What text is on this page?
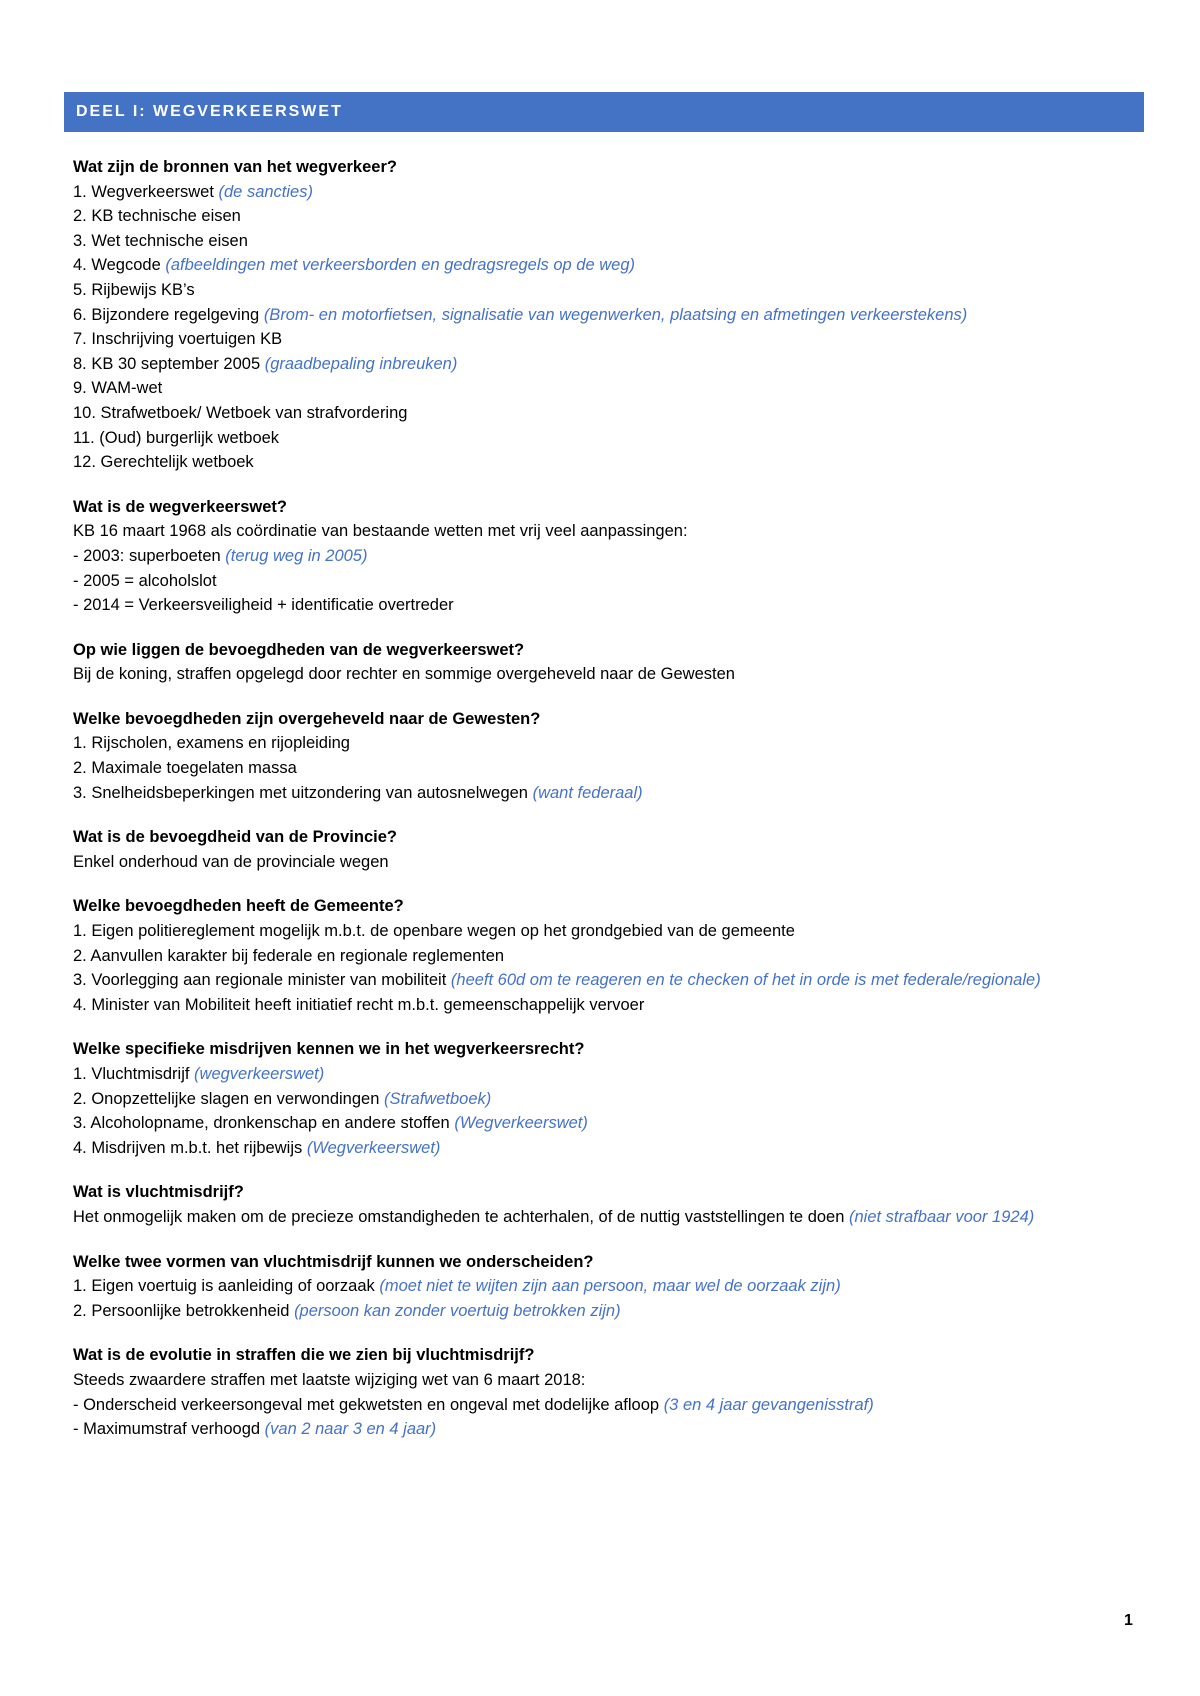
DEEL I: WEGVERKEERSWET
Wat zijn de bronnen van het wegverkeer?
1. Wegverkeerswet (de sancties)
2. KB technische eisen
3. Wet technische eisen
4. Wegcode (afbeeldingen met verkeersborden en gedragsregels op de weg)
5. Rijbewijs KB’s
6. Bijzondere regelgeving (Brom- en motorfietsen, signalisatie van wegenwerken, plaatsing en afmetingen verkeerstekens)
7. Inschrijving voertuigen KB
8. KB 30 september 2005 (graadbepaling inbreuken)
9. WAM-wet
10. Strafwetboek/ Wetboek van strafvordering
11. (Oud) burgerlijk wetboek
12. Gerechtelijk wetboek
Wat is de wegverkeerswet?
KB 16 maart 1968 als coördinatie van bestaande wetten met vrij veel aanpassingen:
- 2003: superboeten (terug weg in 2005)
- 2005 = alcoholslot
- 2014 = Verkeersveiligheid + identificatie overtreder
Op wie liggen de bevoegdheden van de wegverkeerswet?
Bij de koning, straffen opgelegd door rechter en sommige overgeheveld naar de Gewesten
Welke bevoegdheden zijn overgeheveld naar de Gewesten?
1. Rijscholen, examens en rijopleiding
2. Maximale toegelaten massa
3. Snelheidsbeperkingen met uitzondering van autosnelwegen (want federaal)
Wat is de bevoegdheid van de Provincie?
Enkel onderhoud van de provinciale wegen
Welke bevoegdheden heeft de Gemeente?
1. Eigen politiereglement mogelijk m.b.t. de openbare wegen op het grondgebied van de gemeente
2. Aanvullen karakter bij federale en regionale reglementen
3. Voorlegging aan regionale minister van mobiliteit (heeft 60d om te reageren en te checken of het in orde is met federale/regionale)
4. Minister van Mobiliteit heeft initiatief recht m.b.t. gemeenschappelijk vervoer
Welke specifieke misdrijven kennen we in het wegverkeersrecht?
1. Vluchtmisdrijf (wegverkeerswet)
2. Onopzettelijke slagen en verwondingen (Strafwetboek)
3. Alcoholopname, dronkenschap en andere stoffen (Wegverkeerswet)
4. Misdrijven m.b.t. het rijbewijs (Wegverkeerswet)
Wat is vluchtmisdrijf?
Het onmogelijk maken om de precieze omstandigheden te achterhalen, of de nuttig vaststellingen te doen (niet strafbaar voor 1924)
Welke twee vormen van vluchtmisdrijf kunnen we onderscheiden?
1. Eigen voertuig is aanleiding of oorzaak (moet niet te wijten zijn aan persoon, maar wel de oorzaak zijn)
2. Persoonlijke betrokkenheid (persoon kan zonder voertuig betrokken zijn)
Wat is de evolutie in straffen die we zien bij vluchtmisdrijf?
Steeds zwaardere straffen met laatste wijziging wet van 6 maart 2018:
- Onderscheid verkeersongeval met gekwetsten en ongeval met dodelijke afloop (3 en 4 jaar gevangenisstraf)
- Maximumstraf verhoogd (van 2 naar 3 en 4 jaar)
1
